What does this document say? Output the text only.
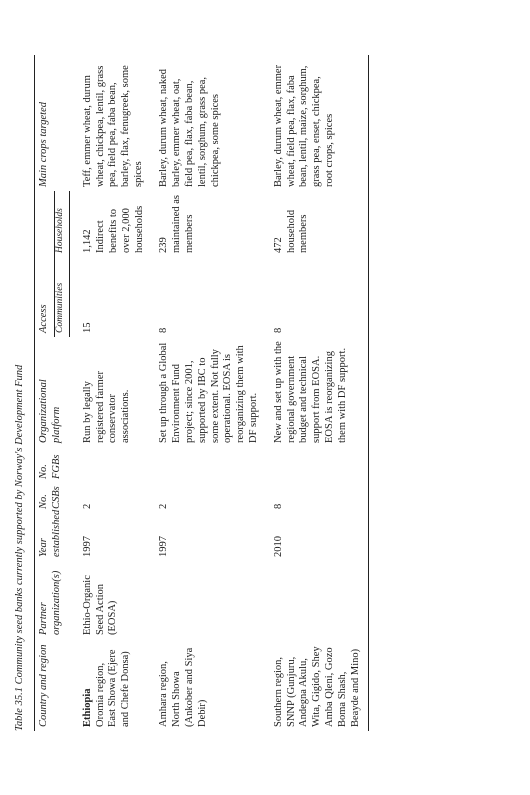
Table 35.1 Community seed banks currently supported by Norway's Development Fund Country and region	Partner organization(s)	Year established	No. CSBs	No. FGBs	Organizational platform	Access		Main crops targeted
						Communities	Households	

Ethiopia Oromia region, East Showa (Ejere and Chefe Donsa)	Ethio-Organic Seed Action (EOSA)	1997	2		Run by legally registered farmer conservator associations.	15	1,142 Indirect benefits to over 2,000 households	Teff, emmer wheat, durum wheat, chickpea, lentil, grass pea, field pea, faba bean, barley, flax, fenugreek, some spices
Amhara region, North Showa (Ankober and Siya Debir)		1997	2		Set up through a Global Environment Fund project; since 2001, supported by IBC to some extent. Not fully operational. EOSA is reorganizing them with DF support.	8	239 maintained as members	Barley, durum wheat, naked barley, emmer wheat, oat, field pea, flax, faba bean, lentil, sorghum, grass pea, chickpea, some spices
Southern region, SNNP (Gunjuru, Andegna Akulu, Wita, Gigido, Shey Amba Qleni, Gozo Boma Shash, Beayde and Mino)		2010	8		New and set up with the regional government budget and technical support from EOSA. EOSA is reorganizing them with DF support.	8	472 household members	Barley, durum wheat, emmer wheat, field pea, flax, faba bean, lentil, maize, sorghum, grass pea, enset, chickpea, root crops, spices
